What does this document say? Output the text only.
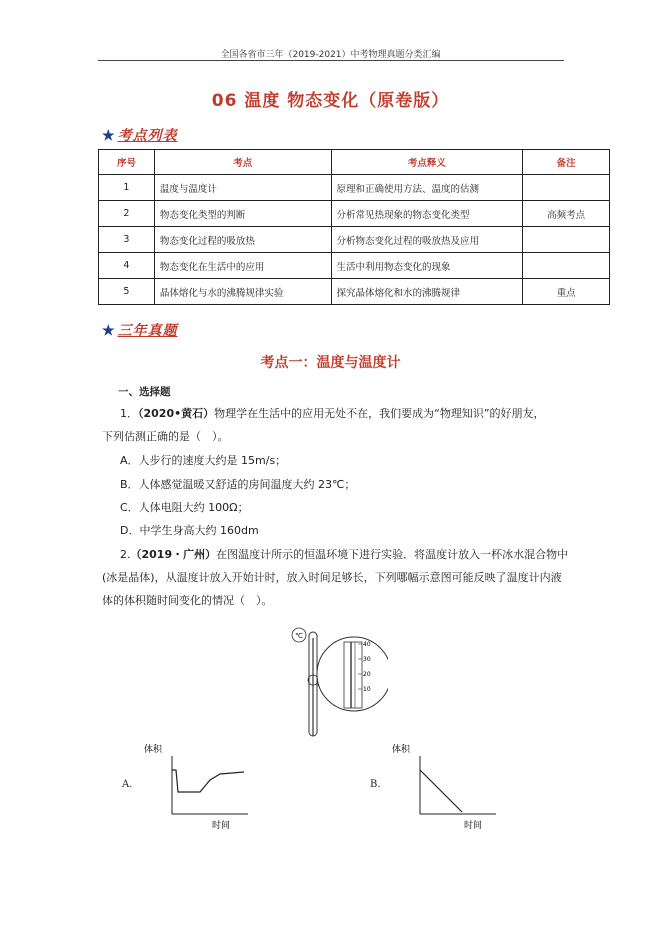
全国各省市三年（2019-2021）中考物理真题分类汇编
06 温度 物态变化（原卷版）
★ 考点列表
序号	考点	考点释义	备注
1	温度与温度计	原理和正确使用方法、温度的估测	
2	物态变化类型的判断	分析常见热现象的物态变化类型	高频考点
3	物态变化过程的吸放热	分析物态变化过程的吸放热及应用	
4	物态变化在生活中的应用	生活中利用物态变化的现象	
5	晶体熔化与水的沸腾规律实验	探究晶体熔化和水的沸腾规律	重点
★ 三年真题
考点一：温度与温度计
一、选择题
1．（2020•黄石）物理学在生活中的应用无处不在，我们要成为“物理知识”的好朋友，
下列估测正确的是（　）。
A．人步行的速度大约是 15m/s；
B．人体感觉温暖又舒适的房间温度大约 23℃；
C．人体电阻大约 100Ω；
D．中学生身高大约 160dm
2.（2019・广州）在图温度计所示的恒温环境下进行实验．将温度计放入一杯冰水混合物中(冰是晶体)，从温度计放入开始计时，放入时间足够长，下列哪幅示意图可能反映了温度计内液体的体积随时间变化的情况（　）。
℃
40
30
20
10
A.
体积
时间
B.
体积
时间
